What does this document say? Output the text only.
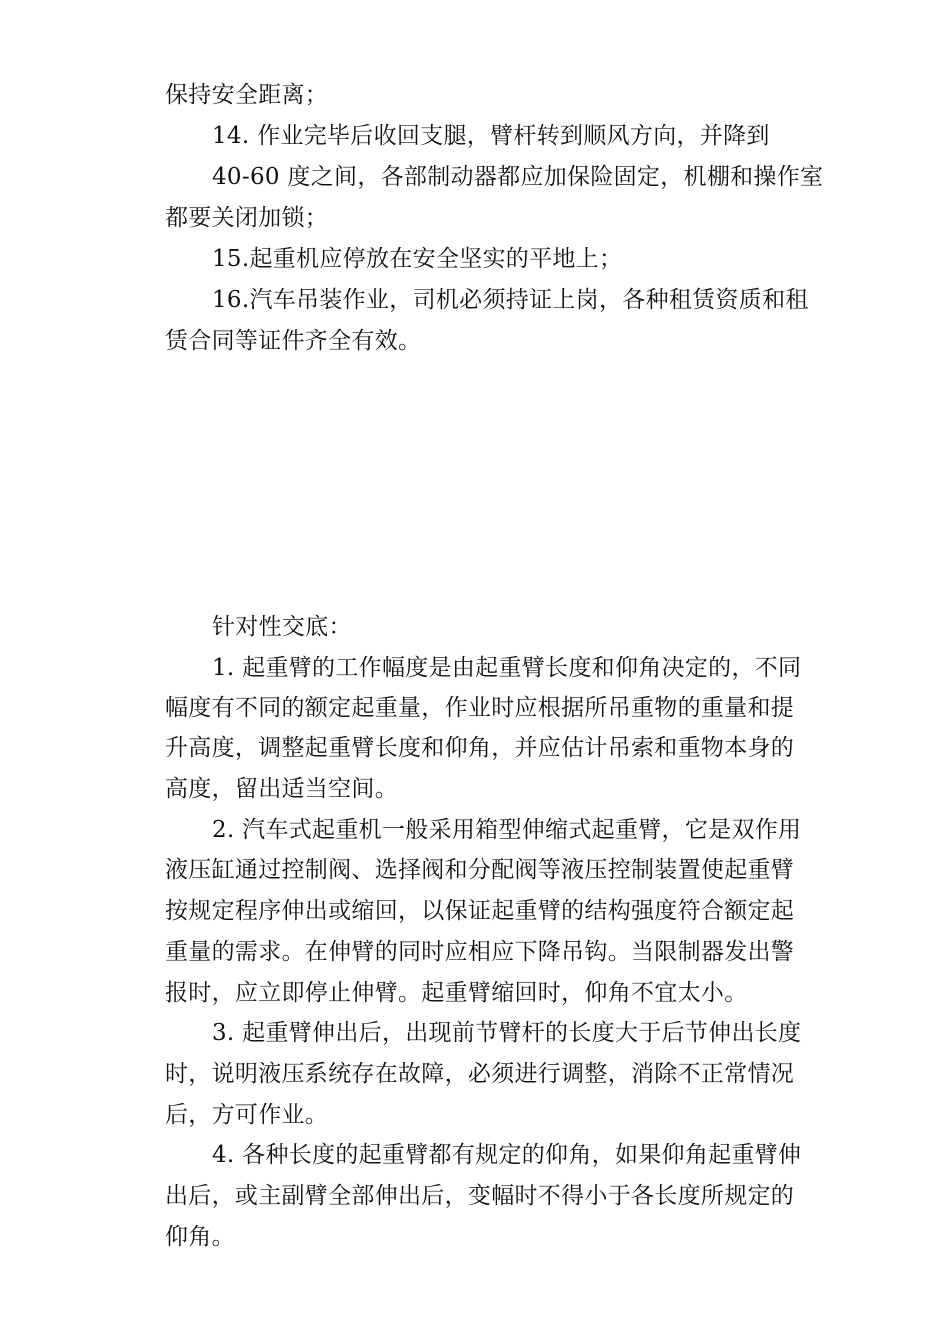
保持安全距离；
14. 作业完毕后收回支腿，臂杆转到顺风方向，并降到
40-60 度之间，各部制动器都应加保险固定，机棚和操作室
都要关闭加锁；
15.起重机应停放在安全坚实的平地上；
16.汽车吊装作业，司机必须持证上岗，各种租赁资质和租
赁合同等证件齐全有效。
针对性交底：
1. 起重臂的工作幅度是由起重臂长度和仰角决定的，不同
幅度有不同的额定起重量，作业时应根据所吊重物的重量和提
升高度，调整起重臂长度和仰角，并应估计吊索和重物本身的
高度，留出适当空间。
2. 汽车式起重机一般采用箱型伸缩式起重臂，它是双作用
液压缸通过控制阀、选择阀和分配阀等液压控制装置使起重臂
按规定程序伸出或缩回，以保证起重臂的结构强度符合额定起
重量的需求。在伸臂的同时应相应下降吊钩。当限制器发出警
报时，应立即停止伸臂。起重臂缩回时，仰角不宜太小。
3. 起重臂伸出后，出现前节臂杆的长度大于后节伸出长度
时，说明液压系统存在故障，必须进行调整，消除不正常情况
后，方可作业。
4. 各种长度的起重臂都有规定的仰角，如果仰角起重臂伸
出后，或主副臂全部伸出后，变幅时不得小于各长度所规定的
仰角。
